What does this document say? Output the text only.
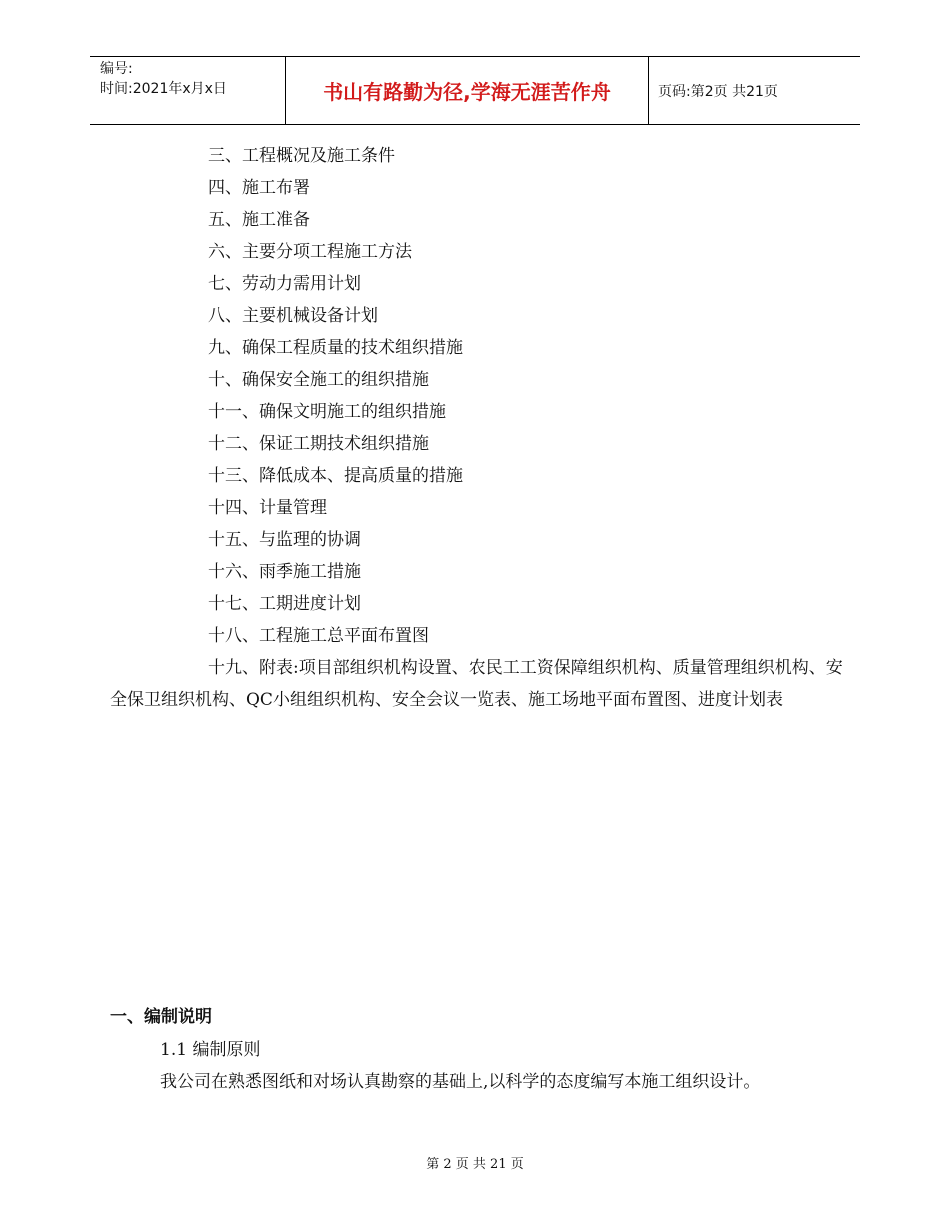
编号:
时间:2021年x月x日	书山有路勤为径,学海无涯苦作舟	页码:第2页 共21页
三、工程概况及施工条件
四、施工布署
五、施工准备
六、主要分项工程施工方法
七、劳动力需用计划
八、主要机械设备计划
九、确保工程质量的技术组织措施
十、确保安全施工的组织措施
十一、确保文明施工的组织措施
十二、保证工期技术组织措施
十三、降低成本、提高质量的措施
十四、计量管理
十五、与监理的协调
十六、雨季施工措施
十七、工期进度计划
十八、工程施工总平面布置图
十九、附表:项目部组织机构设置、农民工工资保障组织机构、质量管理组织机构、安全保卫组织机构、QC小组组织机构、安全会议一览表、施工场地平面布置图、进度计划表
一、编制说明
1.1 编制原则
我公司在熟悉图纸和对场认真勘察的基础上,以科学的态度编写本施工组织设计。
第 2 页 共 21 页
